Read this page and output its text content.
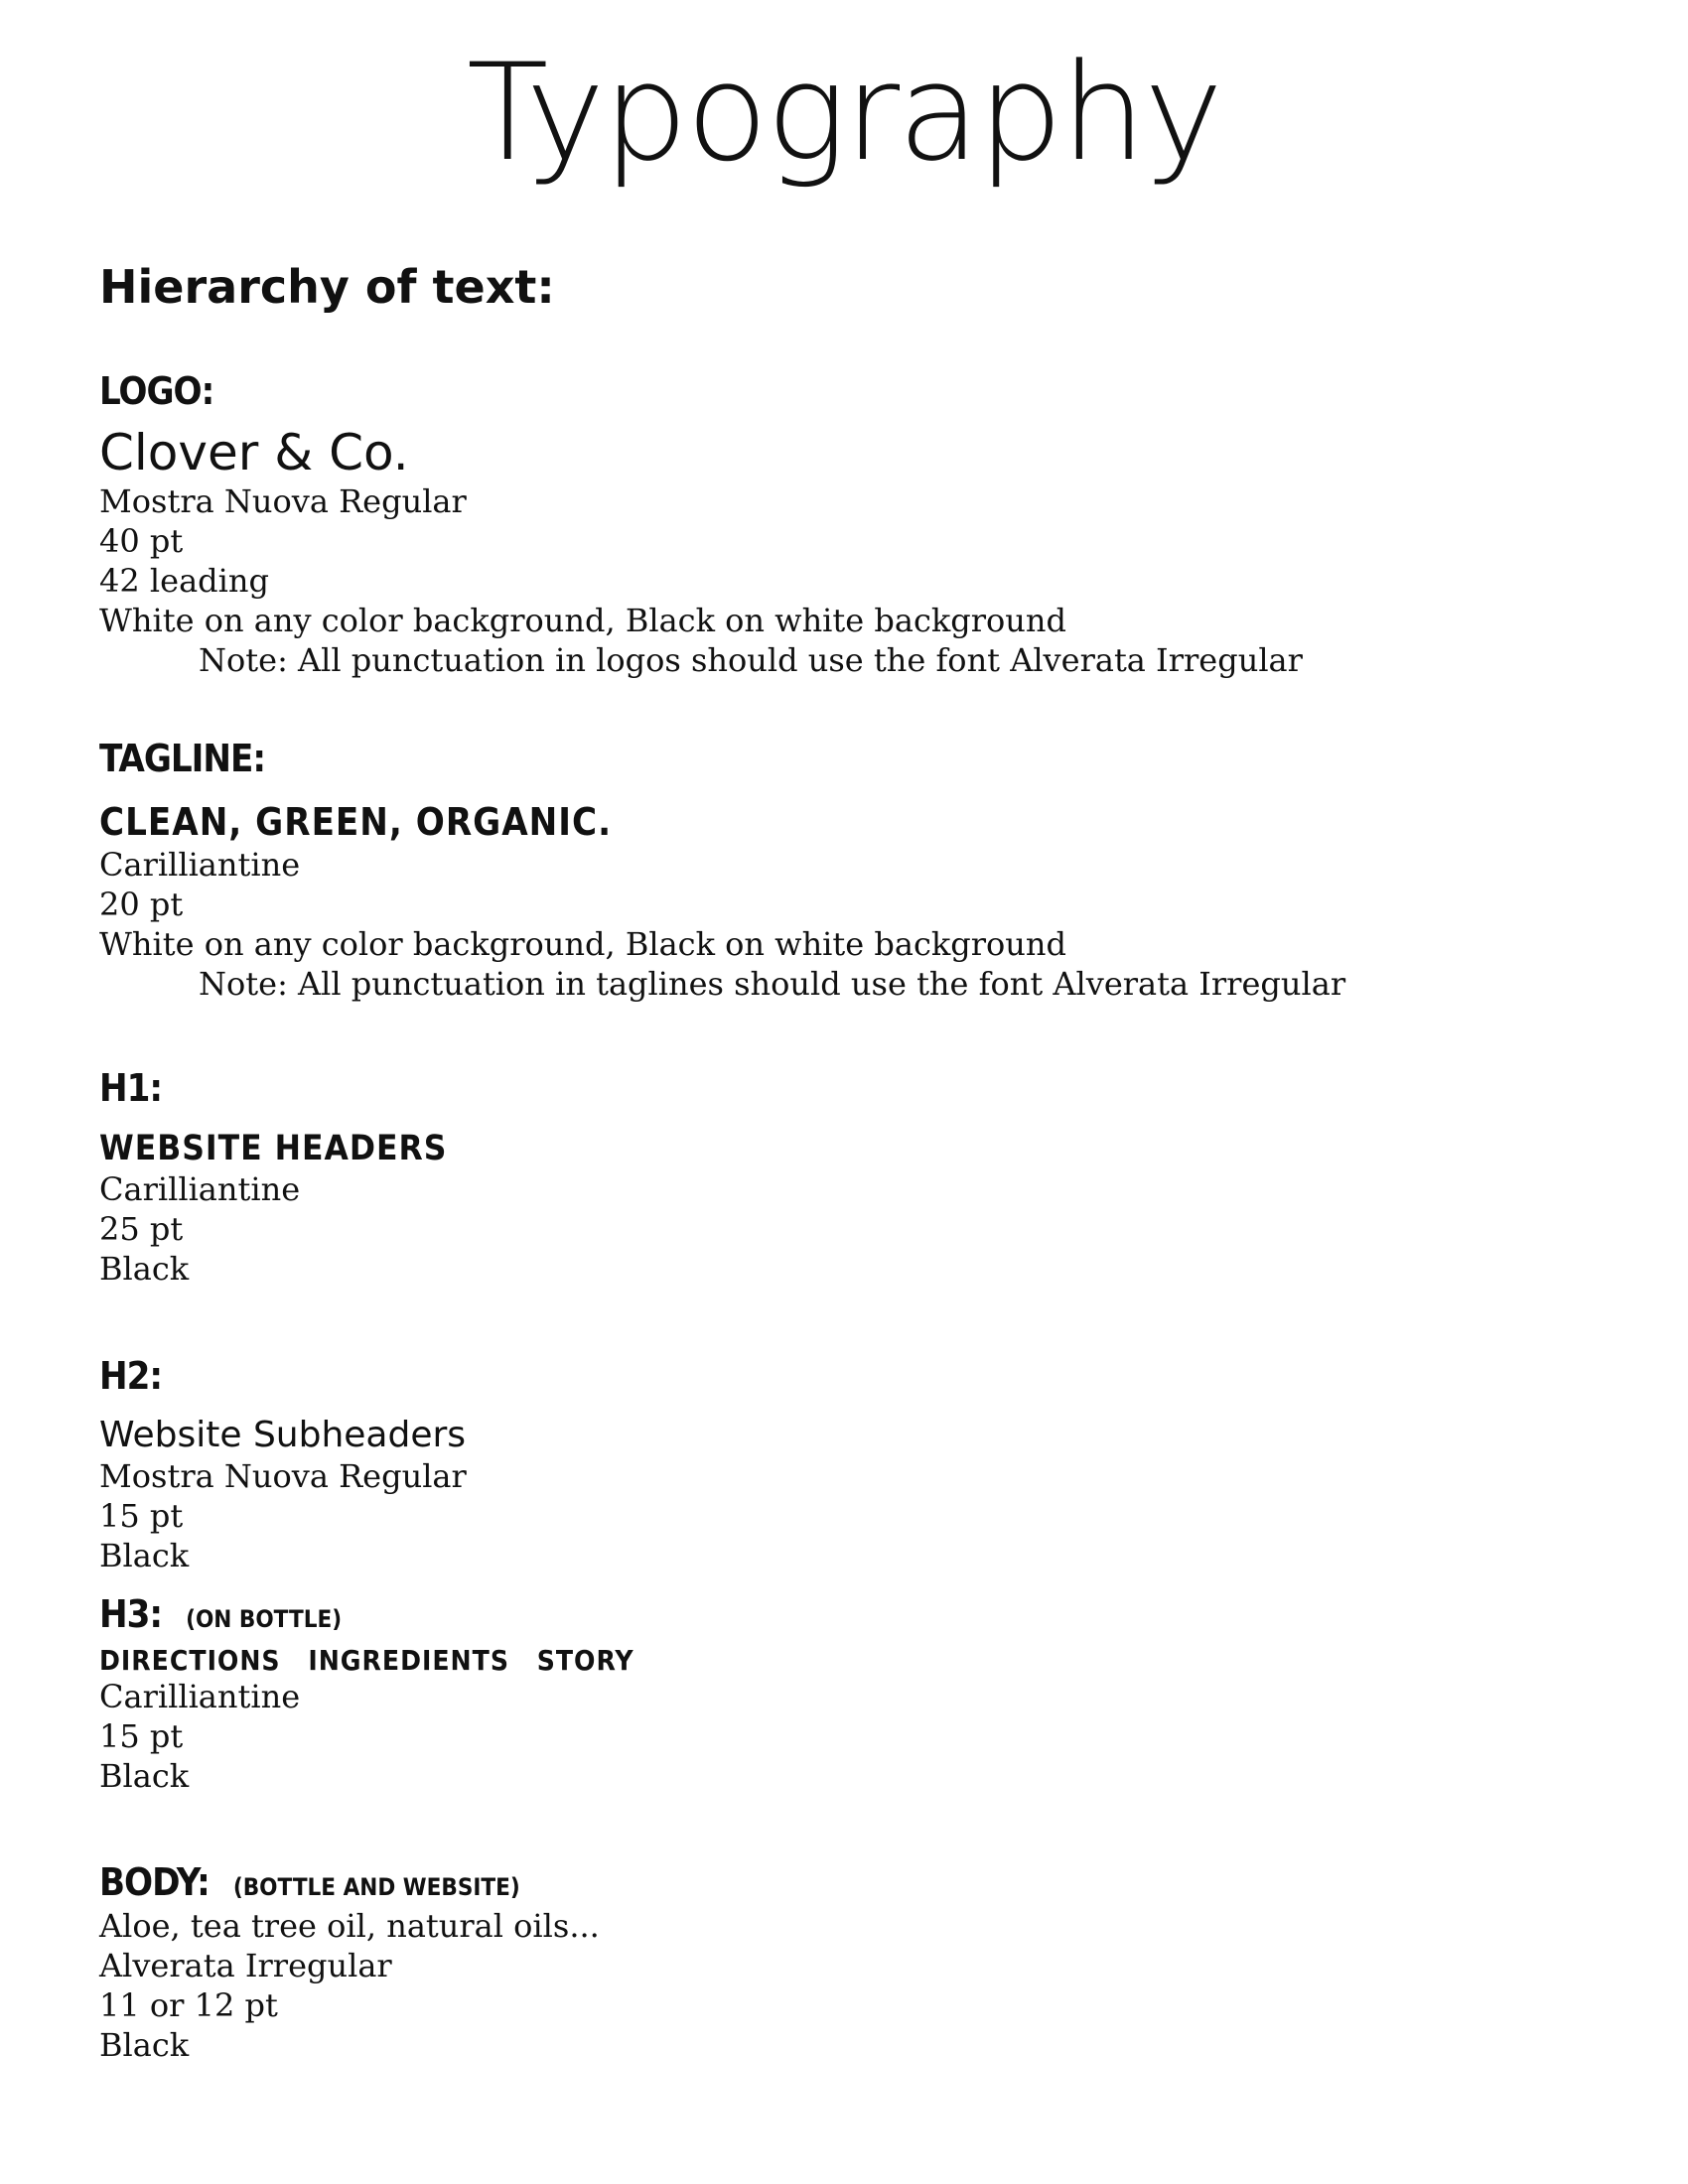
Typography
Hierarchy of text:
LOGO:
Clover & Co.
Mostra Nuova Regular
40 pt
42 leading
White on any color background, Black on white background
Note: All punctuation in logos should use the font Alverata Irregular
TAGLINE:
CLEAN, GREEN, ORGANIC.
Carilliantine
20 pt
White on any color background, Black on white background
Note: All punctuation in taglines should use the font Alverata Irregular
H1:
WEBSITE HEADERS
Carilliantine
25 pt
Black
H2:
Website Subheaders
Mostra Nuova Regular
15 pt
Black
H3: (ON BOTTLE)
DIRECTIONS INGREDIENTS STORY
Carilliantine
15 pt
Black
BODY: (BOTTLE AND WEBSITE)
Aloe, tea tree oil, natural oils...
Alverata Irregular
11 or 12 pt
Black
